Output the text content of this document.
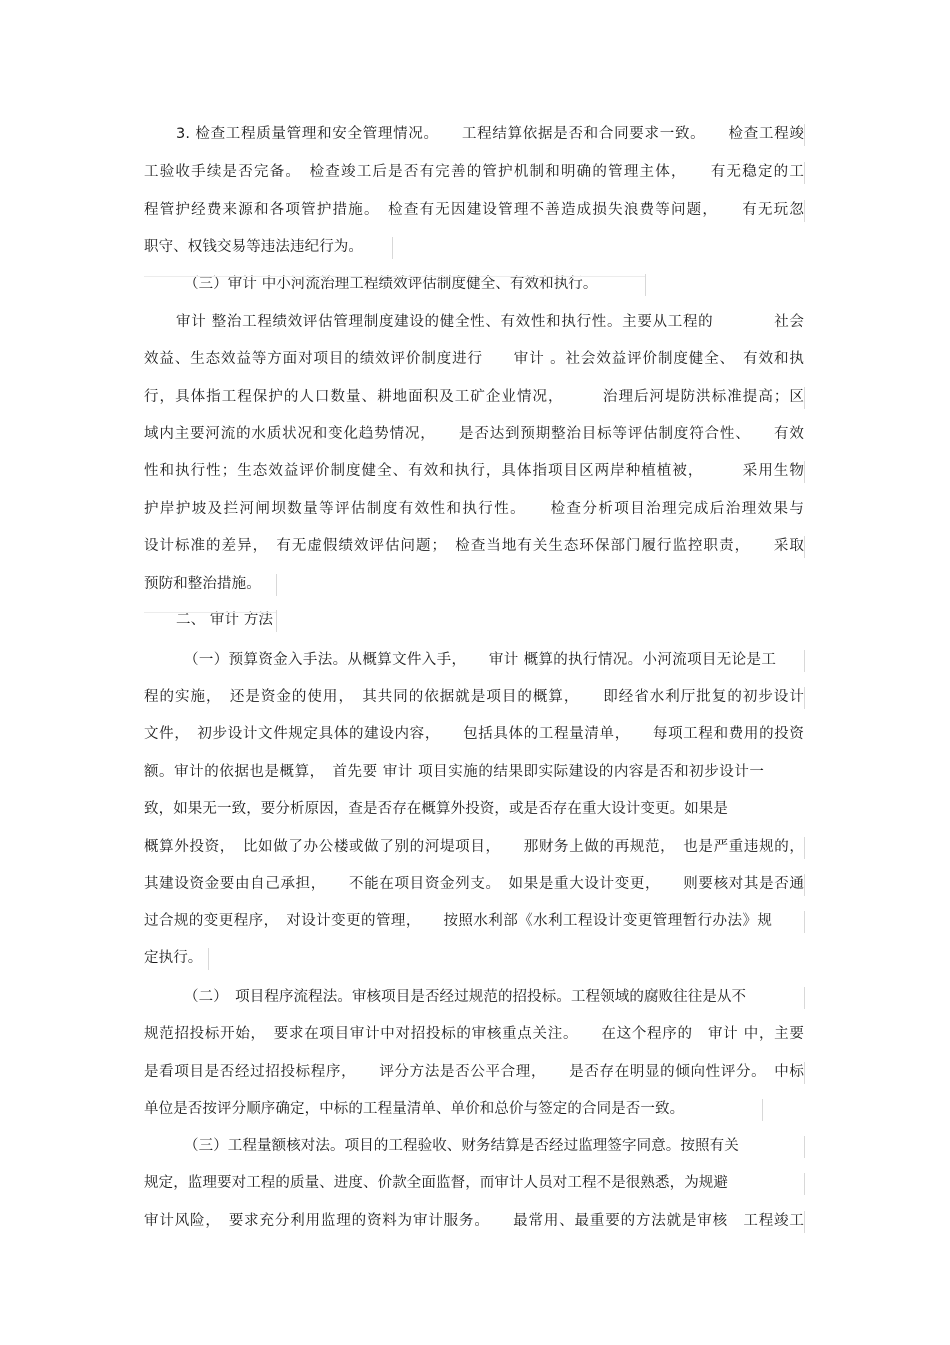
3. 检查工程质量管理和安全管理情况。　　工程结算依据是否和合同要求一致。　　检查工程竣
工验收手续是否完备。　检查竣工后是否有完善的管护机制和明确的管理主体，　　有无稳定的工
程管护经费来源和各项管护措施。　检查有无因建设管理不善造成损失浪费等问题，　　有无玩忽
职守、权钱交易等违法违纪行为。
（三）审计 中小河流治理工程绩效评估制度健全、有效和执行。
审计 整治工程绩效评估管理制度建设的健全性、有效性和执行性。主要从工程的　　　　社会
效益、生态效益等方面对项目的绩效评价制度进行　　审计 。社会效益评价制度健全、　有效和执
行，具体指工程保护的人口数量、耕地面积及工矿企业情况，　　　治理后河堤防洪标准提高；区
域内主要河流的水质状况和变化趋势情况，　　是否达到预期整治目标等评估制度符合性、　　有效
性和执行性；生态效益评价制度健全、有效和执行，具体指项目区两岸种植植被，　　　采用生物
护岸护坡及拦河闸坝数量等评估制度有效性和执行性。　　检查分析项目治理完成后治理效果与
设计标准的差异，　有无虚假绩效评估问题；　检查当地有关生态环保部门履行监控职责，　　采取
预防和整治措施。
二、 审计 方法
（一）预算资金入手法。从概算文件入手，　　审计 概算的执行情况。小河流项目无论是工
程的实施，　还是资金的使用，　其共同的依据就是项目的概算，　　即经省水利厅批复的初步设计
文件，　初步设计文件规定具体的建设内容，　　包括具体的工程量清单，　　每项工程和费用的投资
额。审计的依据也是概算，　首先要 审计 项目实施的结果即实际建设的内容是否和初步设计一
致，如果无一致，要分析原因，查是否存在概算外投资，或是否存在重大设计变更。如果是
概算外投资，　比如做了办公楼或做了别的河堤项目，　　那财务上做的再规范，　也是严重违规的，
其建设资金要由自己承担，　　不能在项目资金列支。　如果是重大设计变更，　　则要核对其是否通
过合规的变更程序，　对设计变更的管理，　　按照水利部《水利工程设计变更管理暂行办法》规
定执行。
（二）　项目程序流程法。审核项目是否经过规范的招投标。工程领域的腐败往往是从不
规范招投标开始，　要求在项目审计中对招投标的审核重点关注。　　在这个程序的　审计 中，主要
是看项目是否经过招投标程序，　　评分方法是否公平合理，　　是否存在明显的倾向性评分。　中标
单位是否按评分顺序确定，中标的工程量清单、单价和总价与签定的合同是否一致。
（三）工程量额核对法。项目的工程验收、财务结算是否经过监理签字同意。按照有关
规定，监理要对工程的质量、进度、价款全面监督，而审计人员对工程不是很熟悉，为规避
审计风险，　要求充分利用监理的资料为审计服务。　　最常用、最重要的方法就是审核　工程竣工
